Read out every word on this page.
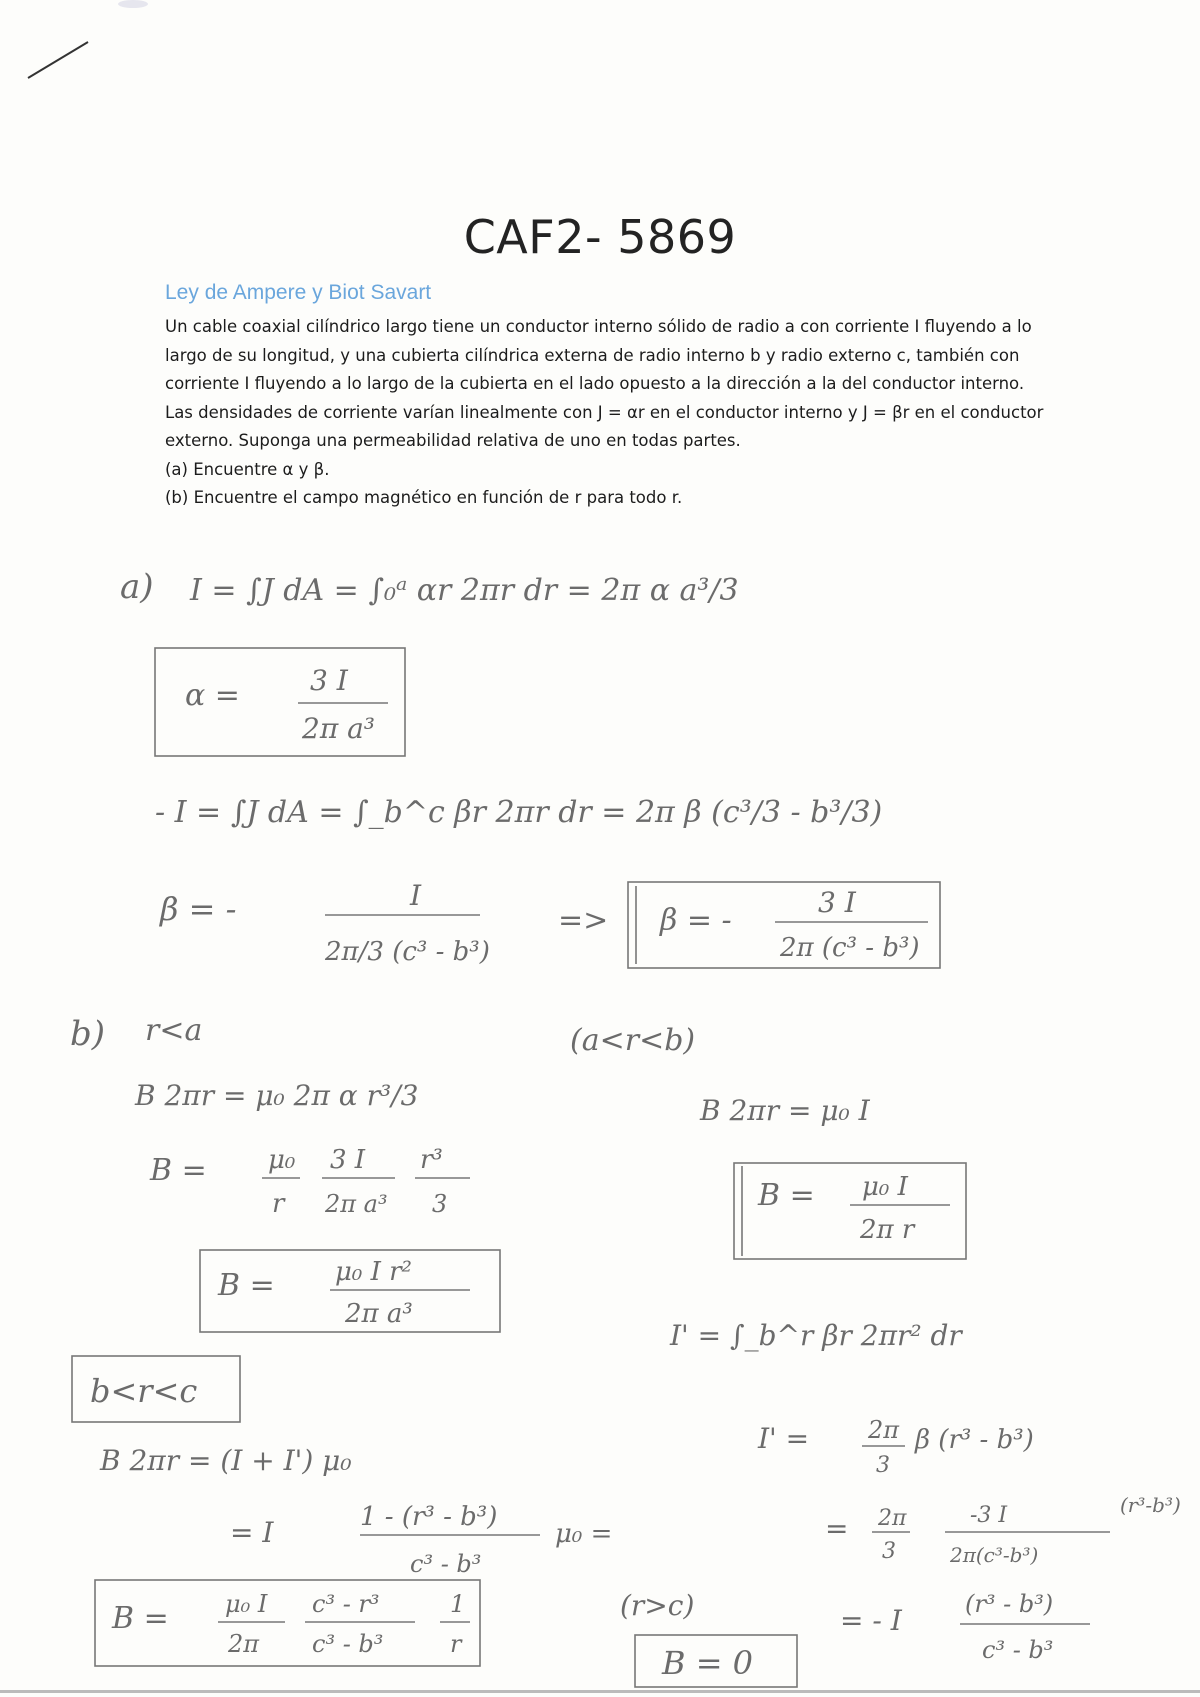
CAF2- 5869
Ley de Ampere y Biot Savart

Un cable coaxial cilíndrico largo tiene un conductor interno sólido de radio a con corriente I fluyendo a lo largo de su longitud, y una cubierta cilíndrica externa de radio interno b y radio externo c, también con corriente I fluyendo a lo largo de la cubierta en el lado opuesto a la dirección a la del conductor interno. Las densidades de corriente varían linealmente con J = αr en el conductor interno y J = βr en el conductor externo. Suponga una permeabilidad relativa de uno en todas partes.

(a) Encuentre α y β.

(b) Encuentre el campo magnético en función de r para todo r.

a) I = ∫J dA = ∫₀ᵃ αr 2πr dr = 2π α a³/3
α =	3 I
2π a³
- I = ∫J dA = ∫_b^c βr 2πr dr = 2π β (c³/3 - b³/3)
β = -	I
2π/3 (c³ - b³)
=> β = -
3 I
2π (c³ - b³)
b) r<a
B 2πr = μ₀ 2π α r³/3
B = μ₀
r
3 I
2π a³
r³
3
B = μ₀ I r²
2π a³
(a<r<b)
B 2πr = μ₀ I
B = μ₀ I
2π r
b<r<c
B 2πr = (I + I') μ₀
= I	1 - (r³ - b³)
c³ - b³
μ₀ =
B = μ₀ I
2π
c³ - r³
c³ - b³
1
r
I' = ∫_b^r βr 2πr² dr
I' = 2π
3
β (r³ - b³)
= 2π
3
-3 I
2π(c³-b³)
(r³-b³)
(r>c)
B = 0
= - I	(r³ - b³)
c³ - b³
